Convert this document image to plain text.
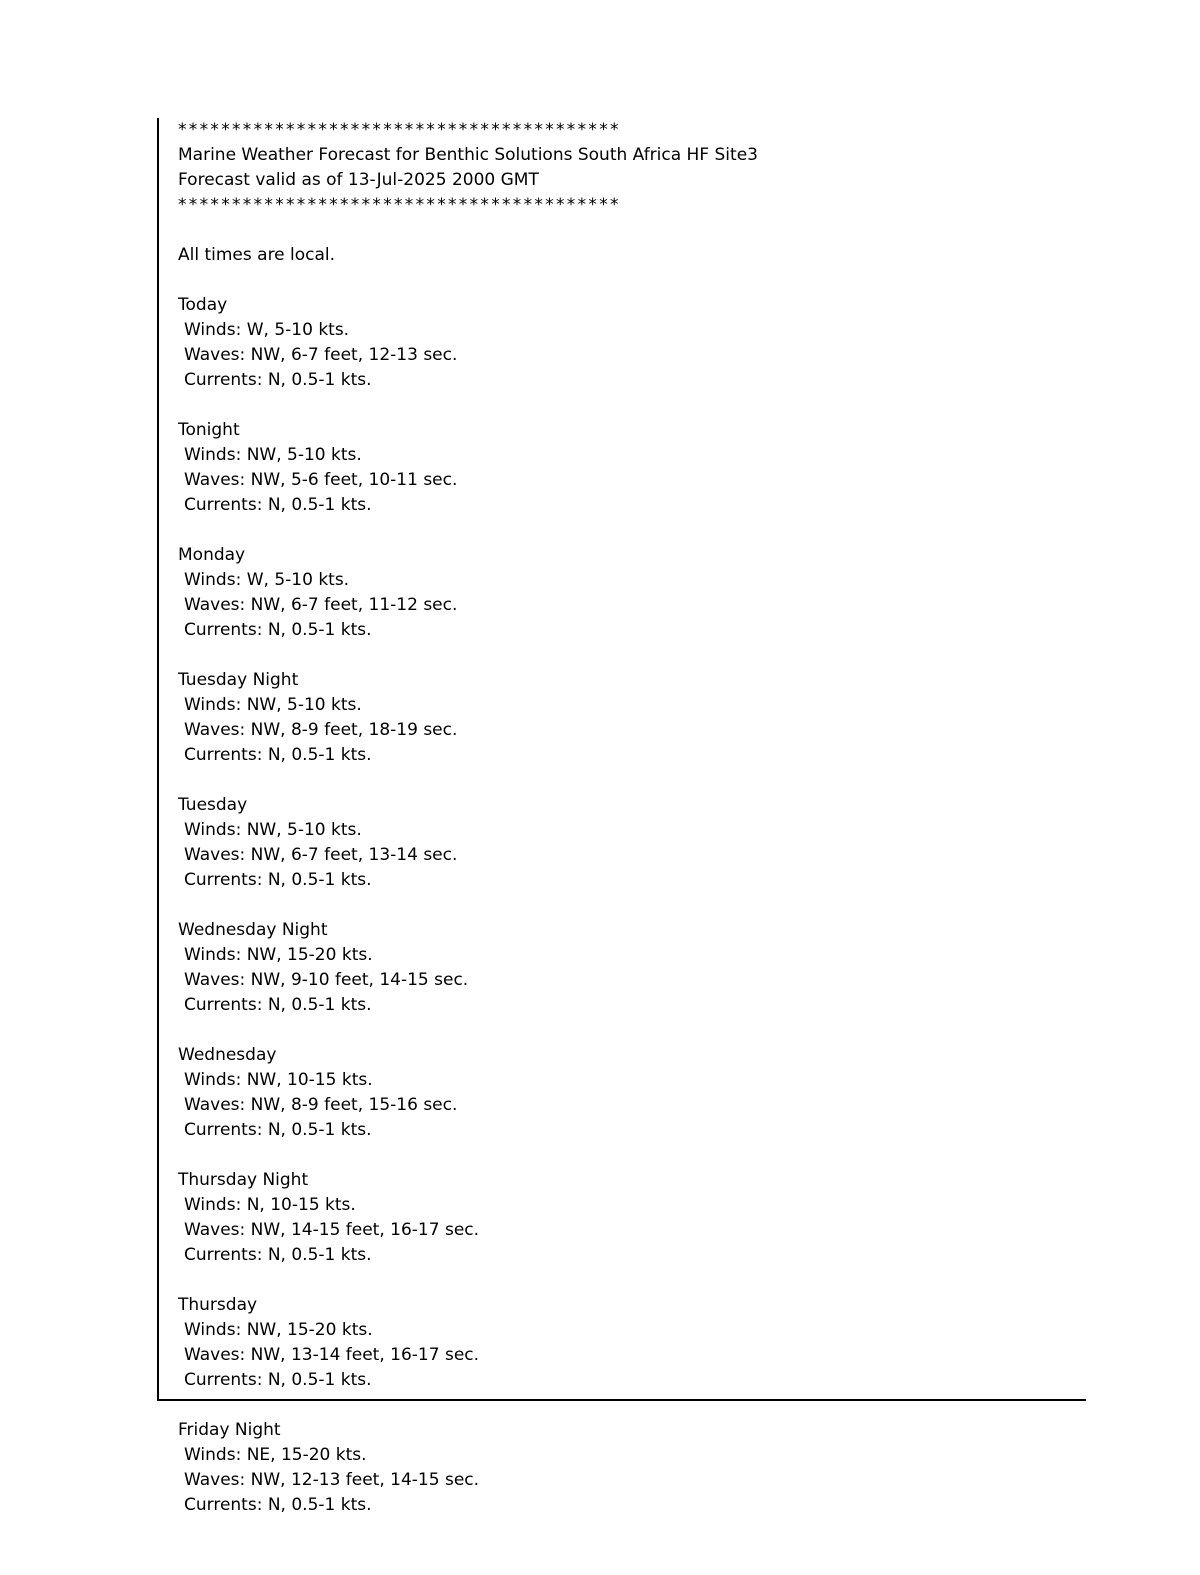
*****************************************
Marine Weather Forecast for Benthic Solutions South Africa HF Site3
Forecast valid as of 13-Jul-2025 2000 GMT
*****************************************
All times are local.
Today
Winds: W, 5-10 kts.
Waves: NW, 6-7 feet, 12-13 sec.
Currents: N, 0.5-1 kts.
Tonight
Winds: NW, 5-10 kts.
Waves: NW, 5-6 feet, 10-11 sec.
Currents: N, 0.5-1 kts.
Monday
Winds: W, 5-10 kts.
Waves: NW, 6-7 feet, 11-12 sec.
Currents: N, 0.5-1 kts.
Tuesday Night
Winds: NW, 5-10 kts.
Waves: NW, 8-9 feet, 18-19 sec.
Currents: N, 0.5-1 kts.
Tuesday
Winds: NW, 5-10 kts.
Waves: NW, 6-7 feet, 13-14 sec.
Currents: N, 0.5-1 kts.
Wednesday Night
Winds: NW, 15-20 kts.
Waves: NW, 9-10 feet, 14-15 sec.
Currents: N, 0.5-1 kts.
Wednesday
Winds: NW, 10-15 kts.
Waves: NW, 8-9 feet, 15-16 sec.
Currents: N, 0.5-1 kts.
Thursday Night
Winds: N, 10-15 kts.
Waves: NW, 14-15 feet, 16-17 sec.
Currents: N, 0.5-1 kts.
Thursday
Winds: NW, 15-20 kts.
Waves: NW, 13-14 feet, 16-17 sec.
Currents: N, 0.5-1 kts.
Friday Night
Winds: NE, 15-20 kts.
Waves: NW, 12-13 feet, 14-15 sec.
Currents: N, 0.5-1 kts.
